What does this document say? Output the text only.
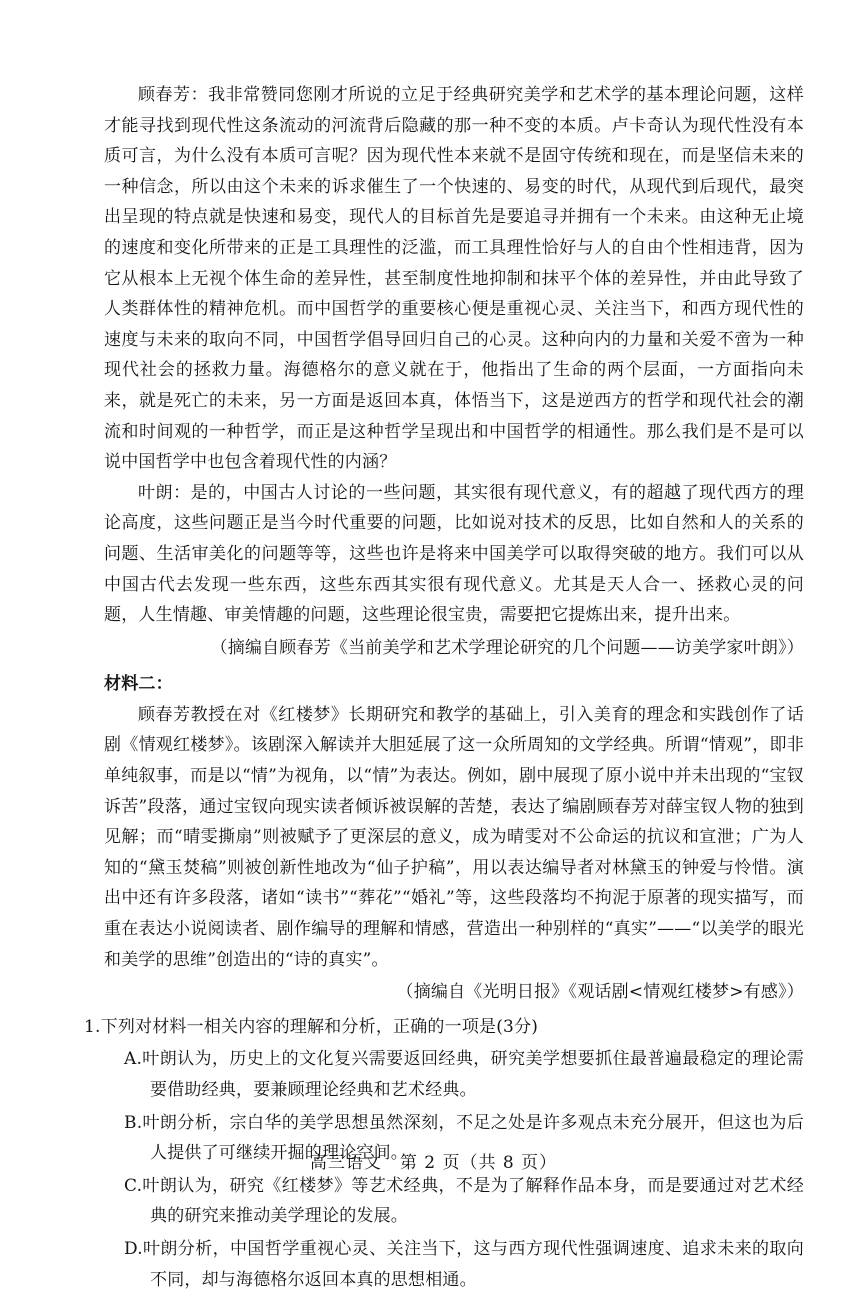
顾春芳：我非常赞同您刚才所说的立足于经典研究美学和艺术学的基本理论问题，这样才能寻找到现代性这条流动的河流背后隐藏的那一种不变的本质。卢卡奇认为现代性没有本质可言，为什么没有本质可言呢？因为现代性本来就不是固守传统和现在，而是坚信未来的一种信念，所以由这个未来的诉求催生了一个快速的、易变的时代，从现代到后现代，最突出呈现的特点就是快速和易变，现代人的目标首先是要追寻并拥有一个未来。由这种无止境的速度和变化所带来的正是工具理性的泛滥，而工具理性恰好与人的自由个性相违背，因为它从根本上无视个体生命的差异性，甚至制度性地抑制和抹平个体的差异性，并由此导致了人类群体性的精神危机。而中国哲学的重要核心便是重视心灵、关注当下，和西方现代性的速度与未来的取向不同，中国哲学倡导回归自己的心灵。这种向内的力量和关爱不啻为一种现代社会的拯救力量。海德格尔的意义就在于，他指出了生命的两个层面，一方面指向未来，就是死亡的未来，另一方面是返回本真，体悟当下，这是逆西方的哲学和现代社会的潮流和时间观的一种哲学，而正是这种哲学呈现出和中国哲学的相通性。那么我们是不是可以说中国哲学中也包含着现代性的内涵？

叶朗：是的，中国古人讨论的一些问题，其实很有现代意义，有的超越了现代西方的理论高度，这些问题正是当今时代重要的问题，比如说对技术的反思，比如自然和人的关系的问题、生活审美化的问题等等，这些也许是将来中国美学可以取得突破的地方。我们可以从中国古代去发现一些东西，这些东西其实很有现代意义。尤其是天人合一、拯救心灵的问题，人生情趣、审美情趣的问题，这些理论很宝贵，需要把它提炼出来，提升出来。

（摘编自顾春芳《当前美学和艺术学理论研究的几个问题——访美学家叶朗》）

材料二：

顾春芳教授在对《红楼梦》长期研究和教学的基础上，引入美育的理念和实践创作了话剧《情观红楼梦》。该剧深入解读并大胆延展了这一众所周知的文学经典。所谓“情观”，即非单纯叙事，而是以“情”为视角，以“情”为表达。例如，剧中展现了原小说中并未出现的“宝钗诉苦”段落，通过宝钗向现实读者倾诉被误解的苦楚，表达了编剧顾春芳对薛宝钗人物的独到见解；而“晴雯撕扇”则被赋予了更深层的意义，成为晴雯对不公命运的抗议和宣泄；广为人知的“黛玉焚稿”则被创新性地改为“仙子护稿”，用以表达编导者对林黛玉的钟爱与怜惜。演出中还有许多段落，诸如“读书”“葬花”“婚礼”等，这些段落均不拘泥于原著的现实描写，而重在表达小说阅读者、剧作编导的理解和情感，营造出一种别样的“真实”——“以美学的眼光和美学的思维”创造出的“诗的真实”。

（摘编自《光明日报》《观话剧<情观红楼梦>有感》）

1.下列对材料一相关内容的理解和分析，正确的一项是(3分)

A.叶朗认为，历史上的文化复兴需要返回经典，研究美学想要抓住最普遍最稳定的理论需要借助经典，要兼顾理论经典和艺术经典。

B.叶朗分析，宗白华的美学思想虽然深刻，不足之处是许多观点未充分展开，但这也为后人提供了可继续开掘的理论空间。

C.叶朗认为，研究《红楼梦》等艺术经典，不是为了解释作品本身，而是要通过对艺术经典的研究来推动美学理论的发展。

D.叶朗分析，中国哲学重视心灵、关注当下，这与西方现代性强调速度、追求未来的取向不同，却与海德格尔返回本真的思想相通。

高三语文　第 2 页（共 8 页）
